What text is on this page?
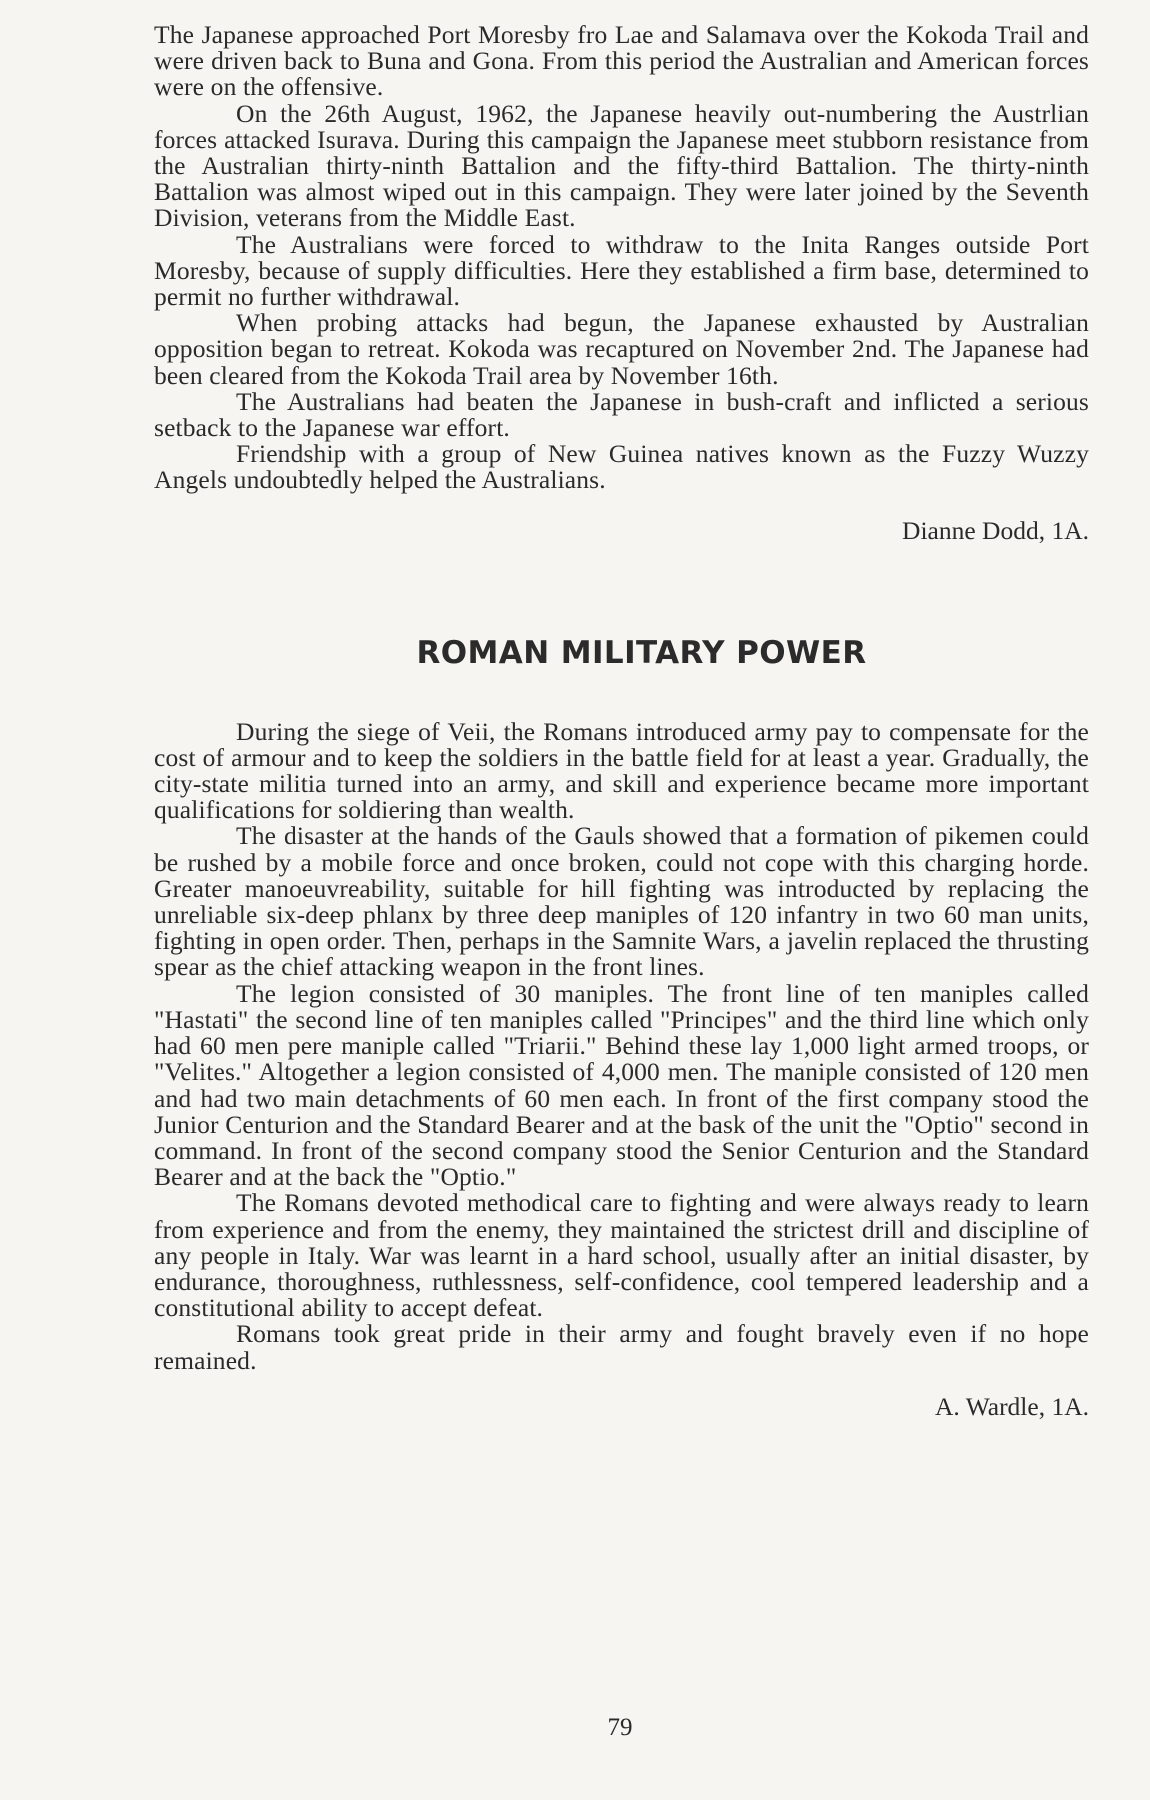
The Japanese approached Port Moresby fro Lae and Salamava over the Kokoda Trail and were driven back to Buna and Gona. From this period the Australian and American forces were on the offensive.

On the 26th August, 1962, the Japanese heavily out-numbering the Austrlian forces attacked Isurava. During this campaign the Japanese meet stubborn resistance from the Australian thirty-ninth Battalion and the fifty-third Battalion. The thirty-ninth Battalion was almost wiped out in this campaign. They were later joined by the Seventh Division, veterans from the Middle East.

The Australians were forced to withdraw to the Inita Ranges outside Port Moresby, because of supply difficulties. Here they established a firm base, determined to permit no further withdrawal.

When probing attacks had begun, the Japanese exhausted by Australian opposition began to retreat. Kokoda was recaptured on November 2nd. The Japanese had been cleared from the Kokoda Trail area by November 16th.

The Australians had beaten the Japanese in bush-craft and inflicted a serious setback to the Japanese war effort.

Friendship with a group of New Guinea natives known as the Fuzzy Wuzzy Angels undoubtedly helped the Australians.

Dianne Dodd, 1A.

ROMAN MILITARY POWER

During the siege of Veii, the Romans introduced army pay to compensate for the cost of armour and to keep the soldiers in the battle field for at least a year. Gradually, the city-state militia turned into an army, and skill and experience became more important qualifications for soldiering than wealth.

The disaster at the hands of the Gauls showed that a formation of pikemen could be rushed by a mobile force and once broken, could not cope with this charging horde. Greater manoeuvreability, suitable for hill fighting was introducted by replacing the unreliable six-deep phlanx by three deep maniples of 120 infantry in two 60 man units, fighting in open order. Then, perhaps in the Samnite Wars, a javelin replaced the thrusting spear as the chief attacking weapon in the front lines.

The legion consisted of 30 maniples. The front line of ten maniples called "Hastati" the second line of ten maniples called "Principes" and the third line which only had 60 men pere maniple called "Triarii." Behind these lay 1,000 light armed troops, or "Velites." Altogether a legion consisted of 4,000 men. The maniple consisted of 120 men and had two main detachments of 60 men each. In front of the first company stood the Junior Centurion and the Standard Bearer and at the bask of the unit the "Optio" second in command. In front of the second company stood the Senior Centurion and the Standard Bearer and at the back the "Optio."

The Romans devoted methodical care to fighting and were always ready to learn from experience and from the enemy, they maintained the strictest drill and discipline of any people in Italy. War was learnt in a hard school, usually after an initial disaster, by endurance, thoroughness, ruthlessness, self-confidence, cool tempered leadership and a constitutional ability to accept defeat.

Romans took great pride in their army and fought bravely even if no hope remained.

A. Wardle, 1A.

79
